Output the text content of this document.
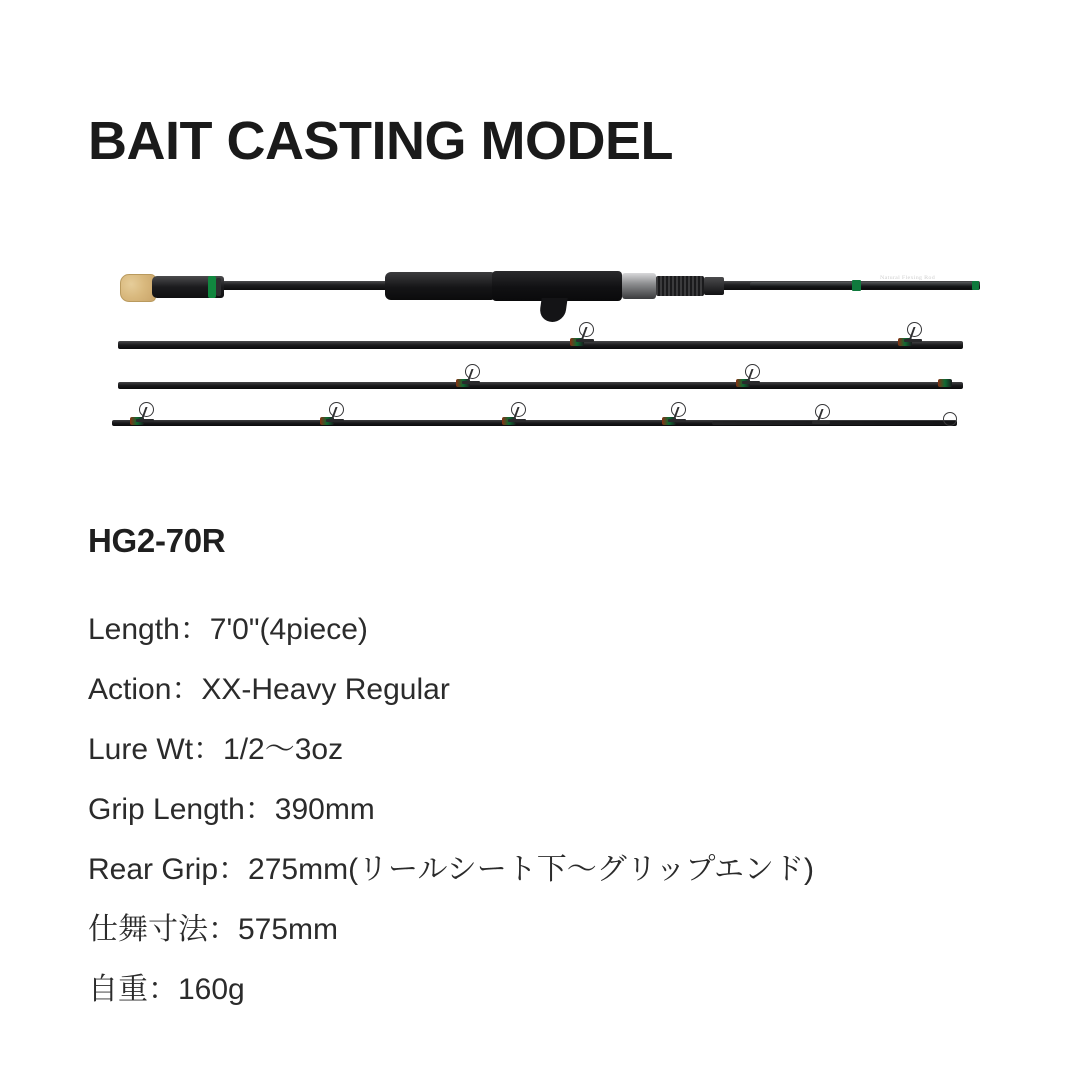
BAIT CASTING MODEL
Natural Flexing Rod
HG2-70R
Length：7'0"(4piece)
Action：XX-Heavy Regular
Lure Wt：1/2〜3oz
Grip Length：390mm
Rear Grip：275mm(リールシート下〜グリップエンド)
仕舞寸法：575mm
自重：160g
